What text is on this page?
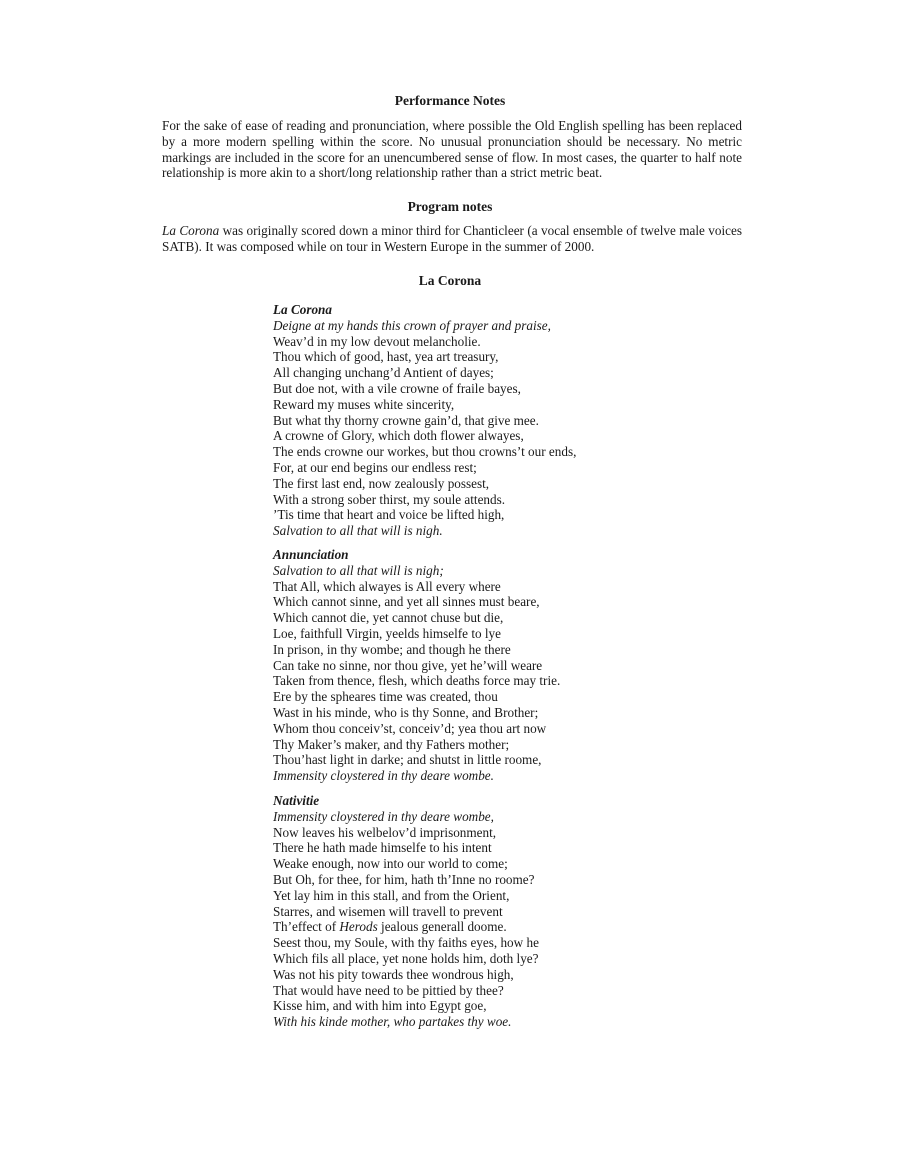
Performance Notes
For the sake of ease of reading and pronunciation, where possible the Old English spelling has been replaced by a more modern spelling within the score. No unusual pronunciation should be necessary. No metric markings are included in the score for an unencumbered sense of flow. In most cases, the quarter to half note relationship is more akin to a short/long relationship rather than a strict metric beat.
Program notes
La Corona was originally scored down a minor third for Chanticleer (a vocal ensemble of twelve male voices SATB). It was composed while on tour in Western Europe in the summer of 2000.
La Corona
La Corona
Deigne at my hands this crown of prayer and praise,
Weav’d in my low devout melancholie.
Thou which of good, hast, yea art treasury,
All changing unchang’d Antient of dayes;
But doe not, with a vile crowne of fraile bayes,
Reward my muses white sincerity,
But what thy thorny crowne gain’d, that give mee.
A crowne of Glory, which doth flower alwayes,
The ends crowne our workes, but thou crowns’t our ends,
For, at our end begins our endless rest;
The first last end, now zealously possest,
With a strong sober thirst, my soule attends.
’Tis time that heart and voice be lifted high,
Salvation to all that will is nigh.
Annunciation
Salvation to all that will is nigh;
That All, which alwayes is All every where
Which cannot sinne, and yet all sinnes must beare,
Which cannot die, yet cannot chuse but die,
Loe, faithfull Virgin, yeelds himselfe to lye
In prison, in thy wombe; and though he there
Can take no sinne, nor thou give, yet he’will weare
Taken from thence, flesh, which deaths force may trie.
Ere by the spheares time was created, thou
Wast in his minde, who is thy Sonne, and Brother;
Whom thou conceiv’st, conceiv’d; yea thou art now
Thy Maker’s maker, and thy Fathers mother;
Thou’hast light in darke; and shutst in little roome,
Immensity cloystered in thy deare wombe.
Nativitie
Immensity cloystered in thy deare wombe,
Now leaves his welbelov’d imprisonment,
There he hath made himselfe to his intent
Weake enough, now into our world to come;
But Oh, for thee, for him, hath th’Inne no roome?
Yet lay him in this stall, and from the Orient,
Starres, and wisemen will travell to prevent
Th’effect of Herods jealous generall doome.
Seest thou, my Soule, with thy faiths eyes, how he
Which fils all place, yet none holds him, doth lye?
Was not his pity towards thee wondrous high,
That would have need to be pittied by thee?
Kisse him, and with him into Egypt goe,
With his kinde mother, who partakes thy woe.
